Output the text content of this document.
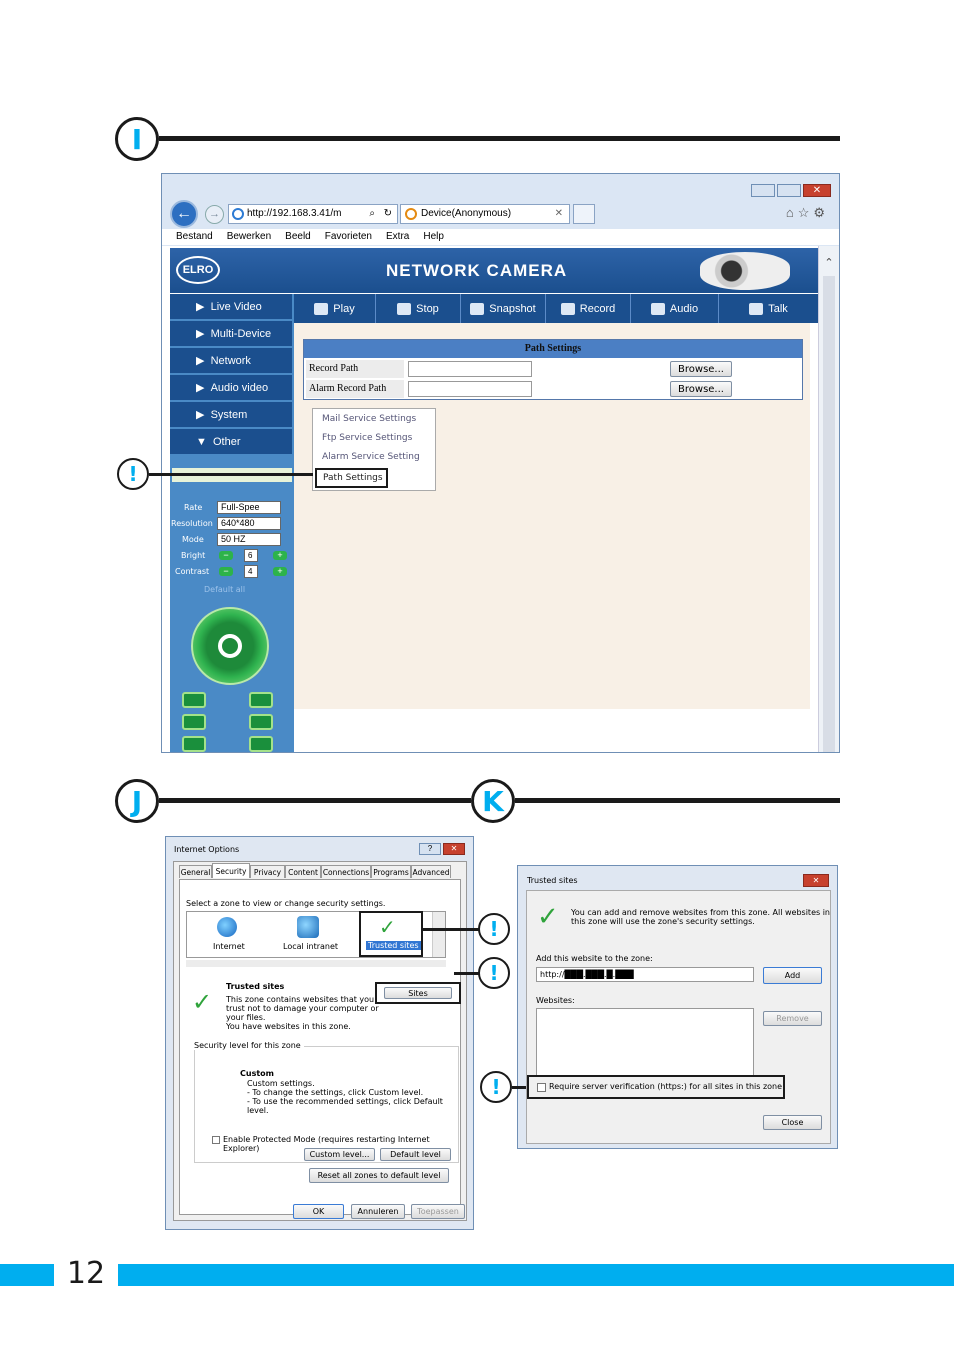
I
✕
←	→	http://192.168.3.41/m	⌕ ↻	Device(Anonymous)	✕	⌂☆⚙
Bestand Bewerken Beeld Favorieten Extra Help
ELRO	NETWORK CAMERA
▶ Live Video
▶ Multi-Device
▶ Network
▶ Audio video
▶ System
▼ Other
Rate	Full-Spee
Resolution 640*480
Mode	50 HZ
Bright	−	6	+
Contrast	−	4	+
Default all
Play	Stop	Snapshot	Record	Audio	Talk
Path Settings
Record Path	Browse...
Alarm Record Path	Browse...
Mail Service Settings
Ftp Service Settings
Alarm Service Setting
Path Settings
⌃
!
J	K
Internet Options	?	✕
General Security	Privacy Content Connections Programs Advanced
Select a zone to view or change security settings.
Internet	Local intranet
✓
Trusted sites
✓
Trusted sites
Sites
This zone contains websites that you
trust not to damage your computer or
your files.
You have websites in this zone.
Security level for this zone
Custom
Custom settings.
- To change the settings, click Custom level.
- To use the recommended settings, click Default level.
Enable Protected Mode (requires restarting Internet Explorer)
Custom level...	Default level
Reset all zones to default level
OK	Annuleren	Toepassen
!
!
Trusted sites	✕
✓ You can add and remove websites from this zone. All websites in
this zone will use the zone's security settings.
Add this website to the zone:
http://███.███.█.███	Add
Websites:
Remove
Require server verification (https:) for all sites in this zone
Close
!
12
